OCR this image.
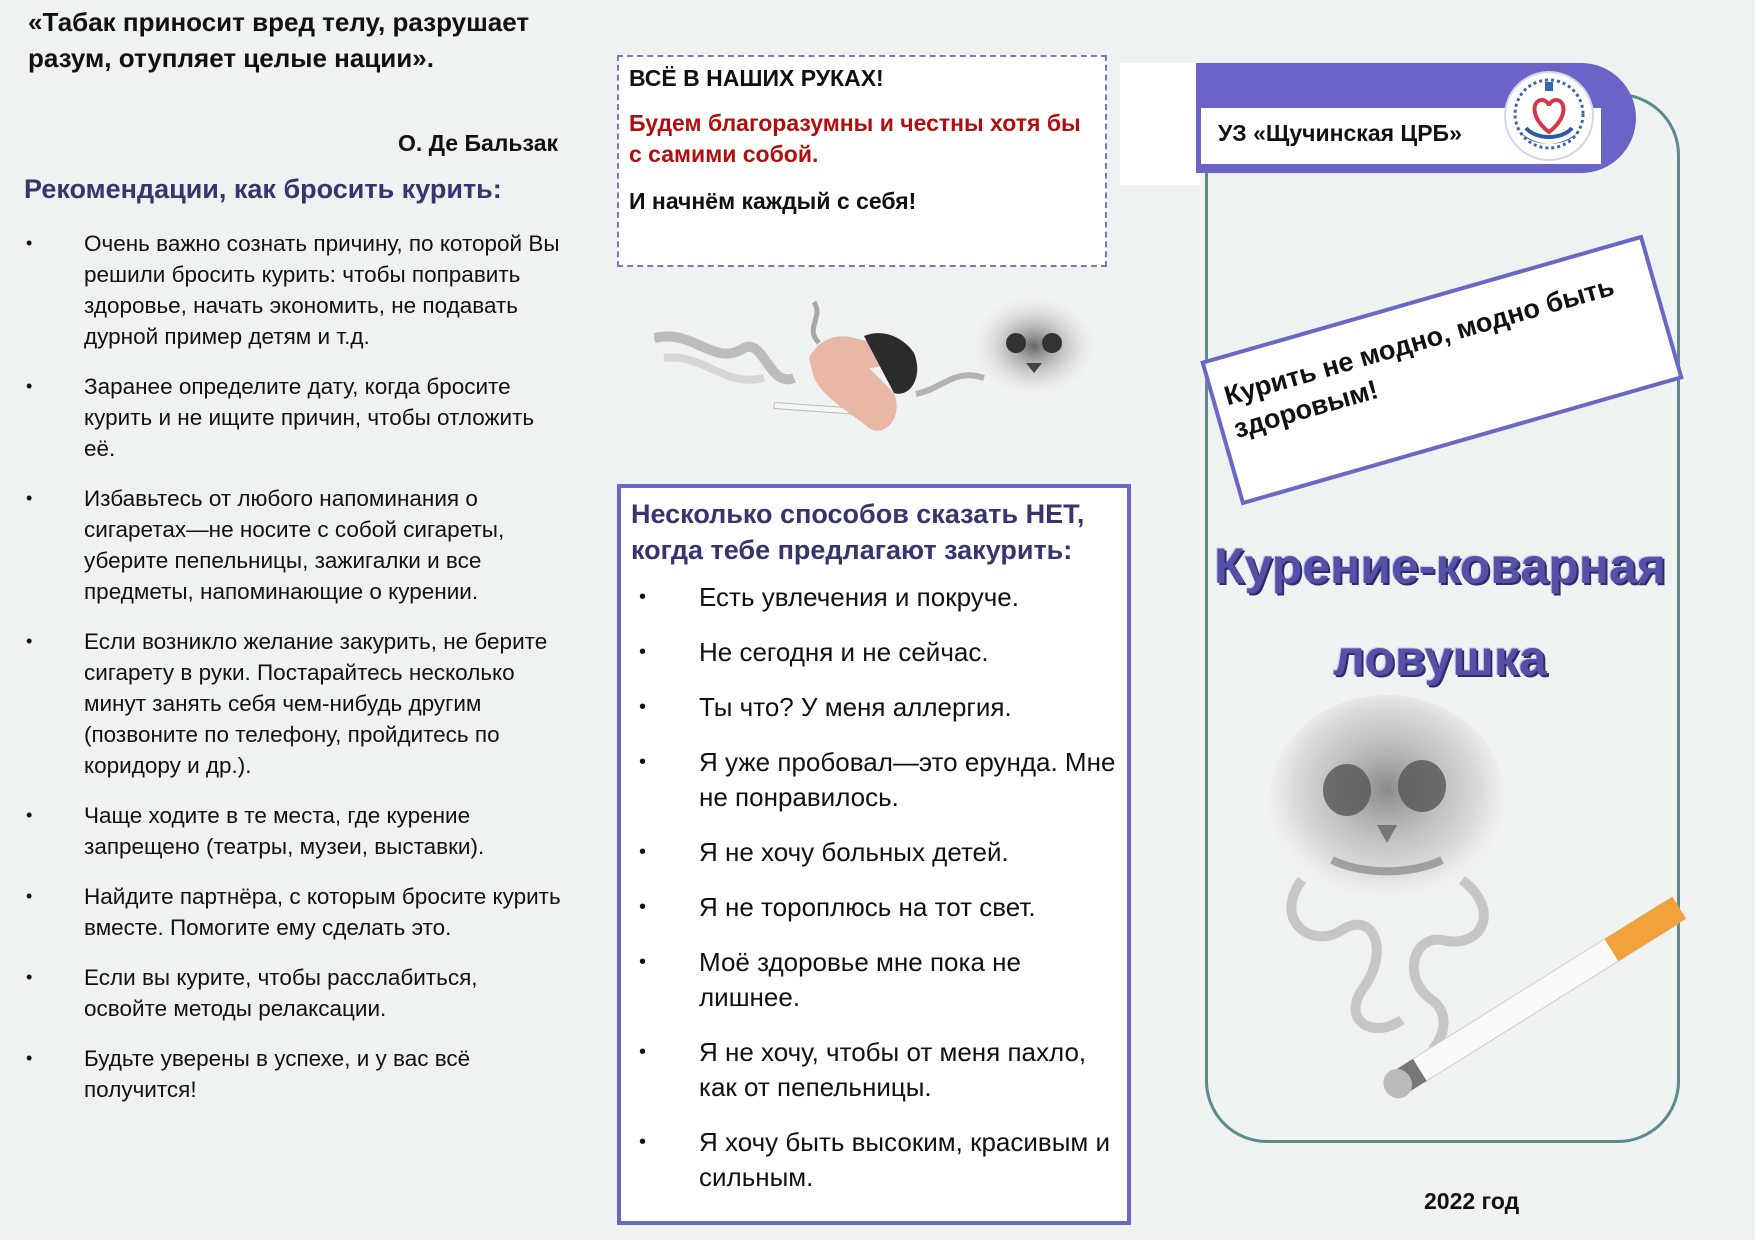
«Табак приносит вред телу, разрушает разум, отупляет целые нации».

О. Де Бальзак
Рекомендации, как бросить курить:
• Очень важно сознать причину, по которой Вы решили бросить курить: чтобы поправить здоровье, начать экономить, не подавать дурной пример детям и т.д.
• Заранее определите дату, когда бросите курить и не ищите причин, чтобы отложить её.
• Избавьтесь от любого напоминания о сигаретах—не носите с собой сигареты, уберите пепельницы, зажигалки и все предметы, напоминающие о курении.
• Если возникло желание закурить, не берите сигарету в руки. Постарайтесь несколько минут занять себя чем-нибудь другим (позвоните по телефону, пройдитесь по коридору и др.).
• Чаще ходите в те места, где курение запрещено (театры, музеи, выставки).
• Найдите партнёра, с которым бросите курить вместе. Помогите ему сделать это.
• Если вы курите, чтобы расслабиться, освойте методы релаксации.
• Будьте уверены в успехе, и у вас всё получится!

ВСЁ В НАШИХ РУКАХ!

Будем благоразумны и честны хотя бы с самими собой.

И начнём каждый с себя!

Несколько способов сказать НЕТ, когда тебе предлагают закурить:
• Есть увлечения и покруче.
• Не сегодня и не сейчас.
• Ты что? У меня аллергия.
• Я уже пробовал—это ерунда. Мне не понравилось.
• Я не хочу больных детей.
• Я не тороплюсь на тот свет.
• Моё здоровье мне пока не лишнее.
• Я не хочу, чтобы от меня пахло, как от пепельницы.
• Я хочу быть высоким, красивым и сильным.
УЗ «Щучинская ЦРБ»
Курить не модно, модно быть здоровым!
Курение-коварная
ловушка
2022 год
